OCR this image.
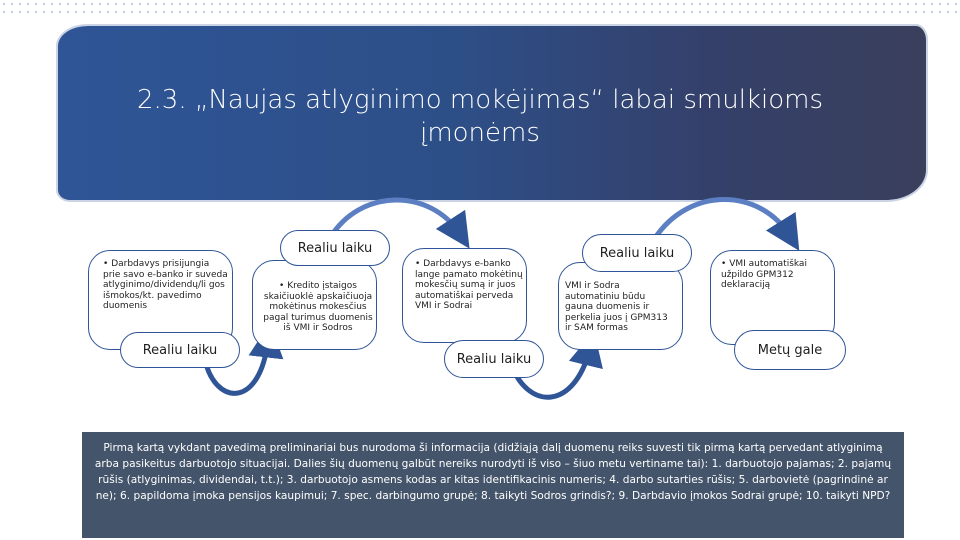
2.3. „Naujas atlyginimo mokėjimas“ labai smulkioms įmonėms
• Darbdavys prisijungia prie savo e-banko ir suveda atlyginimo/dividendų/li gos išmokos/kt. pavedimo duomenis
Realiu laiku
• Kredito įstaigos skaičiuoklė apskaičiuoja mokėtinus mokesčius pagal turimus duomenis iš VMI ir Sodros
Realiu laiku
• Darbdavys e-banko lange pamato mokėtinų mokesčių sumą ir juos automatiškai perveda VMI ir Sodrai
Realiu laiku
VMI ir Sodra automatiniu būdu gauna duomenis ir perkelia juos į GPM313 ir SAM formas
Realiu laiku
• VMI automatiškai užpildo GPM312 deklaraciją
Metų gale
Pirmą kartą vykdant pavedimą preliminariai bus nurodoma ši informacija (didžiąją dalį duomenų reiks suvesti tik pirmą kartą pervedant atlyginimą arba pasikeitus darbuotojo situacijai. Dalies šių duomenų galbūt nereiks nurodyti iš viso – šiuo metu vertiname tai): 1. darbuotojo pajamas; 2. pajamų rūšis (atlyginimas, dividendai, t.t.); 3. darbuotojo asmens kodas ar kitas identifikacinis numeris; 4. darbo sutarties rūšis; 5. darbovietė (pagrindinė ar ne); 6. papildoma įmoka pensijos kaupimui; 7. spec. darbingumo grupė; 8. taikyti Sodros grindis?; 9. Darbdavio įmokos Sodrai grupė; 10. taikyti NPD?
